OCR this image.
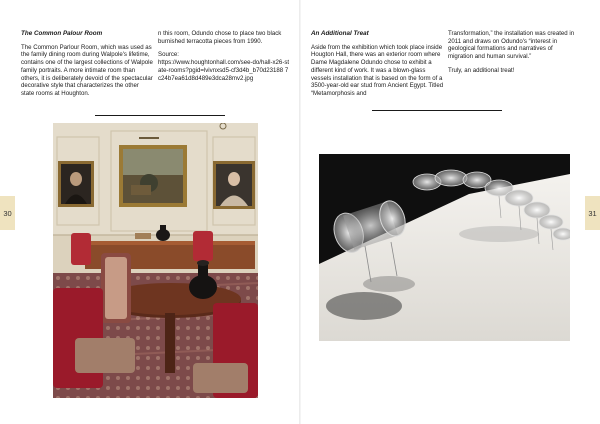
The Common Palour Room

The Common Parlour Room, which was used as the family dining room during Walpole's lifetime, contains one of the largest collections of Walpole family portraits. A more intimate room than others, it is deliberately devoid of the spectacular decorative style that characterizes the other state rooms at Houghton.

n this room, Odundo chose to place two black burnished terracotta pieces from 1990.

Source:

https://www.houghtonhall.com/see-do/hall-x26-state-rooms?pgid=lvivnxsd5-cf3d4b_b70d23188 7c24b7ea61d8d489e3dca28mv2.jpg

30
An Additional Treat

Aside from the exhibition which took place inside Hougton Hall, there was an exterior room where Dame Magdalene Odundo chose to exhibit a different kind of work. It was a blown-glass vessels installation that is based on the form of a 3500-year-old ear stud from Ancient Egypt. Titled “Metamorphosis and

Transformation,” the installation was created in 2011 and draws on Odundo's “interest in geological formations and narratives of migration and human survival.”

Truly, an additional treat!

31
